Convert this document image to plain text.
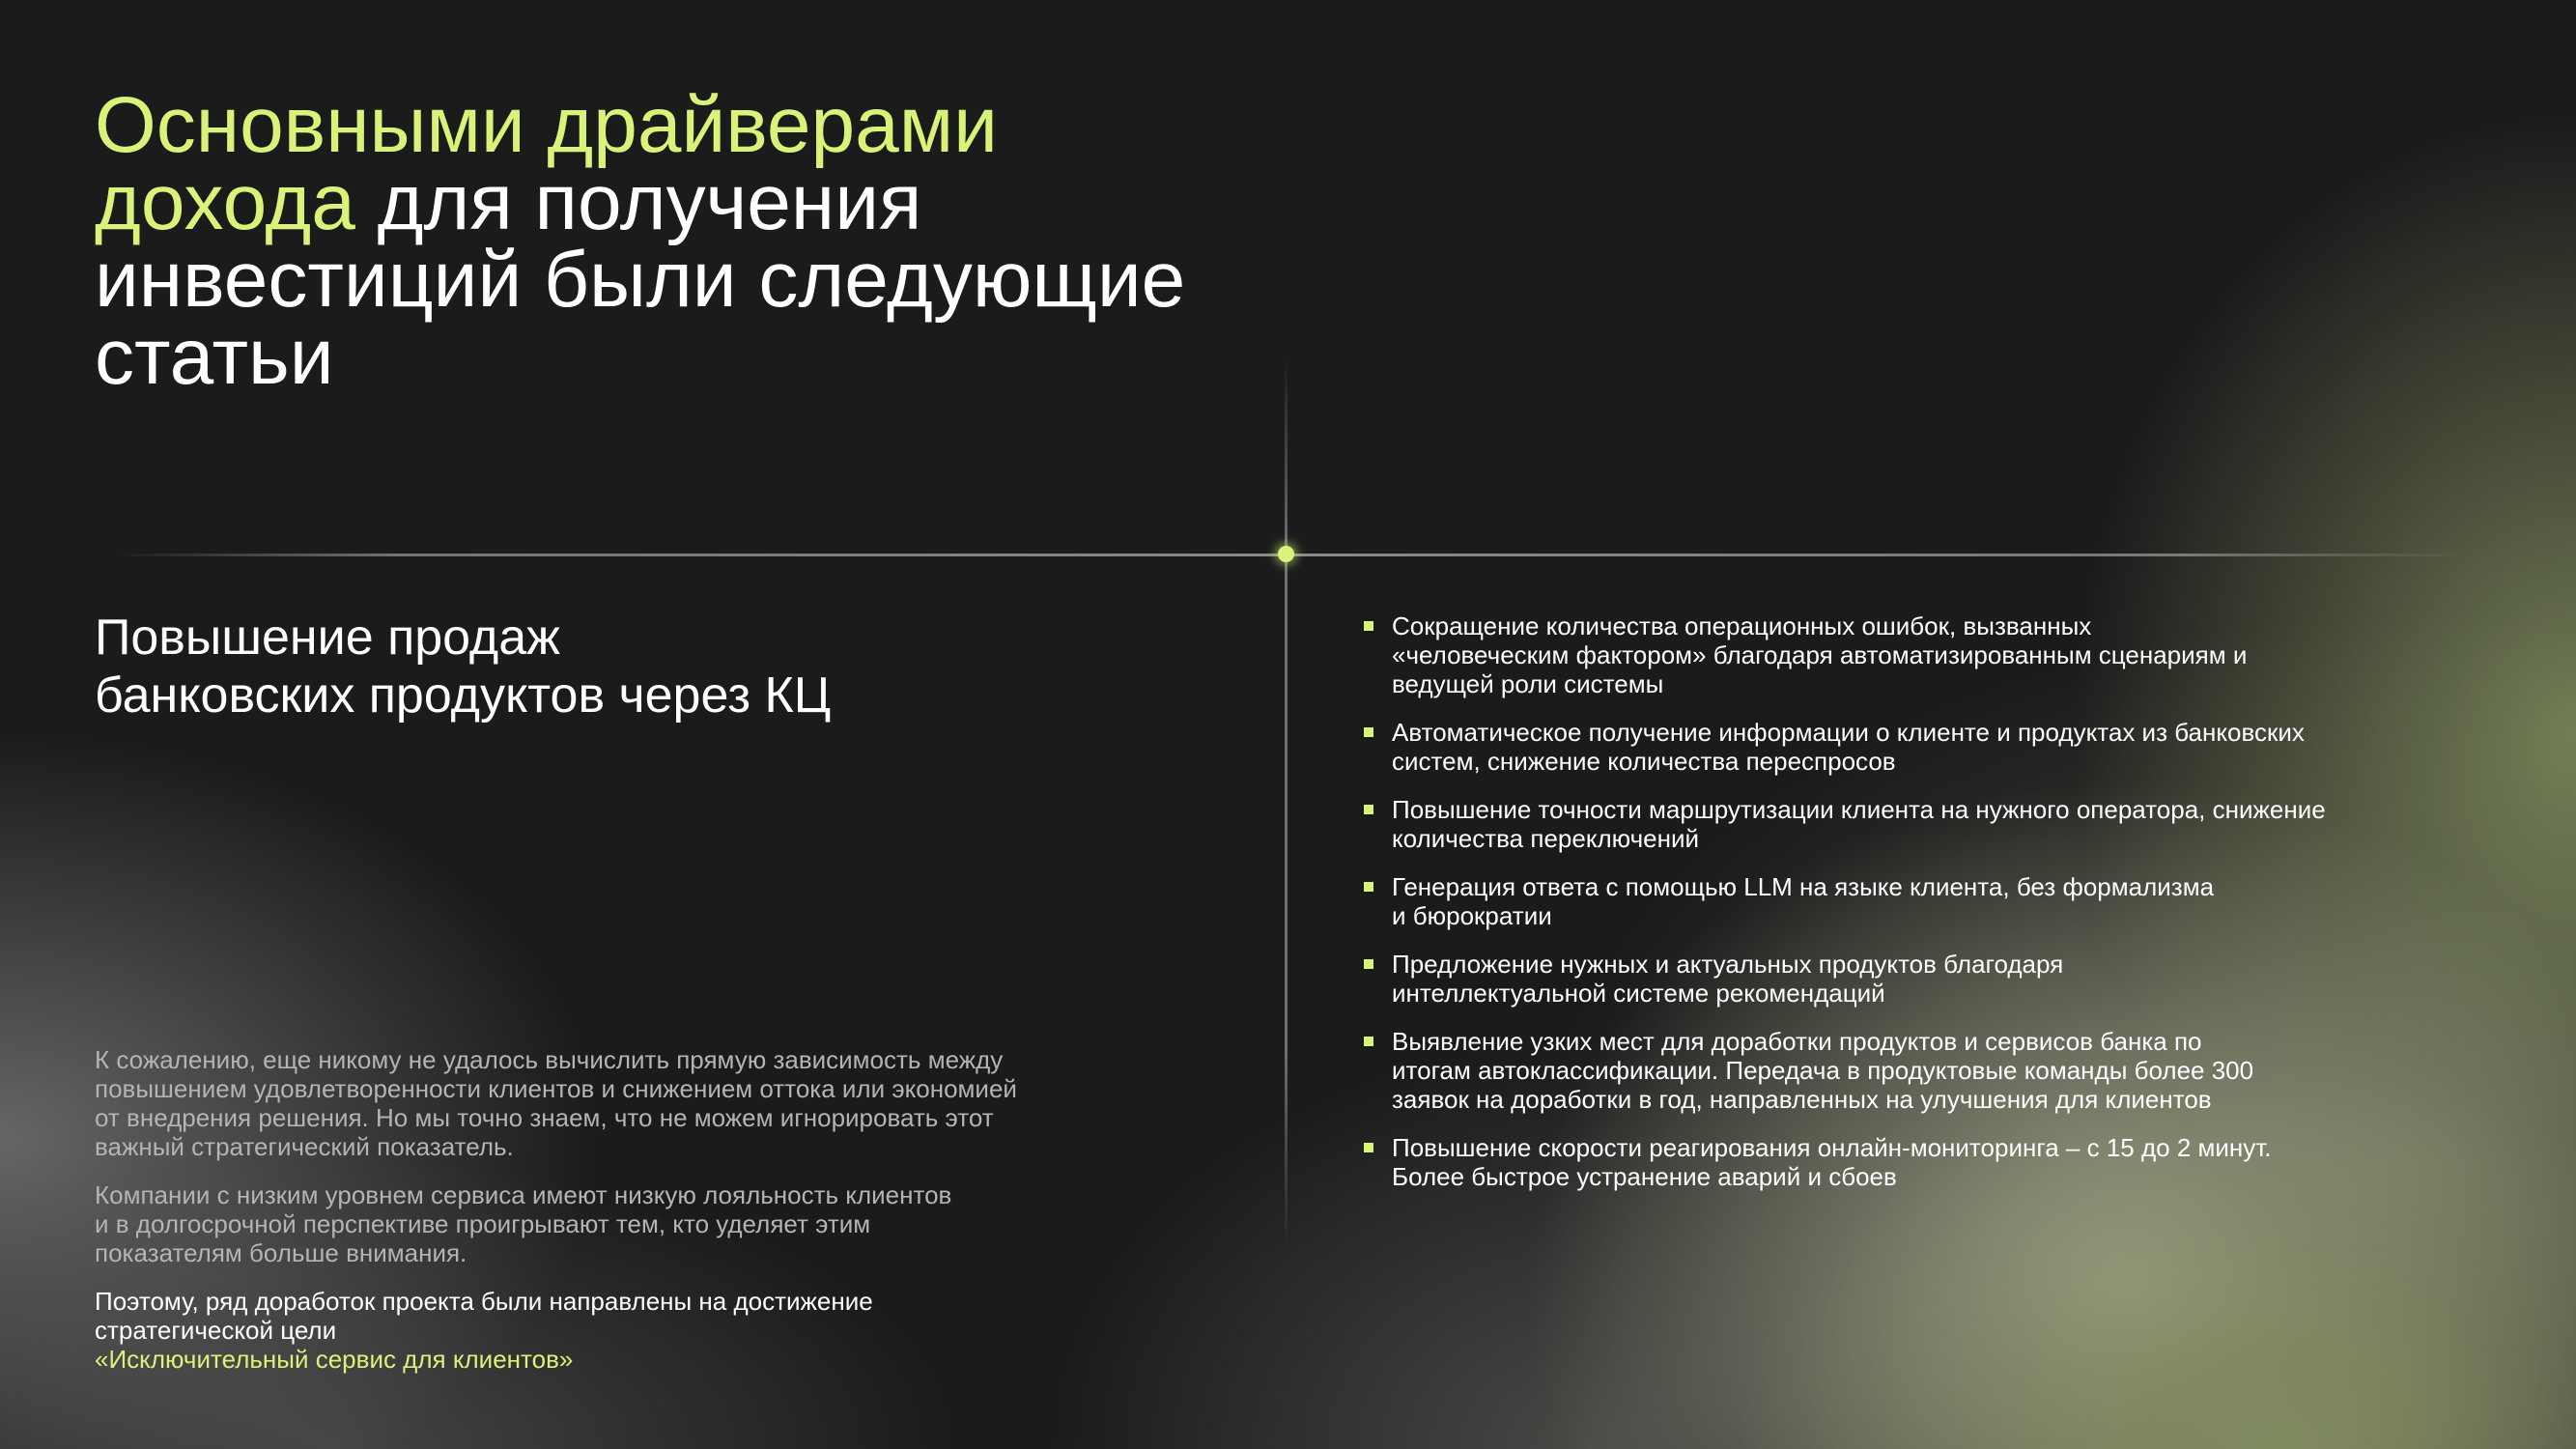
Основными драйверами
дохода для получения
инвестиций были следующие
статьи
Повышение продаж
банковских продуктов через КЦ

К сожалению, еще никому не удалось вычислить прямую зависимость между
повышением удовлетворенности клиентов и снижением оттока или экономией
от внедрения решения. Но мы точно знаем, что не можем игнорировать этот
важный стратегический показатель.

Компании с низким уровнем сервиса имеют низкую лояльность клиентов
и в долгосрочной перспективе проигрывают тем, кто уделяет этим
показателям больше внимания.

Поэтому, ряд доработок проекта были направлены на достижение
стратегической цели
«Исключительный сервис для клиентов»

Сокращение количества операционных ошибок, вызванных
«человеческим фактором» благодаря автоматизированным сценариям и
ведущей роли системы
Автоматическое получение информации о клиенте и продуктах из банковских
систем, снижение количества переспросов
Повышение точности маршрутизации клиента на нужного оператора, снижение
количества переключений
Генерация ответа с помощью LLM на языке клиента, без формализма
и бюрократии
Предложение нужных и актуальных продуктов благодаря
интеллектуальной системе рекомендаций
Выявление узких мест для доработки продуктов и сервисов банка по
итогам автоклассификации. Передача в продуктовые команды более 300
заявок на доработки в год, направленных на улучшения для клиентов
Повышение скорости реагирования онлайн-мониторинга – с 15 до 2 минут.
Более быстрое устранение аварий и сбоев
